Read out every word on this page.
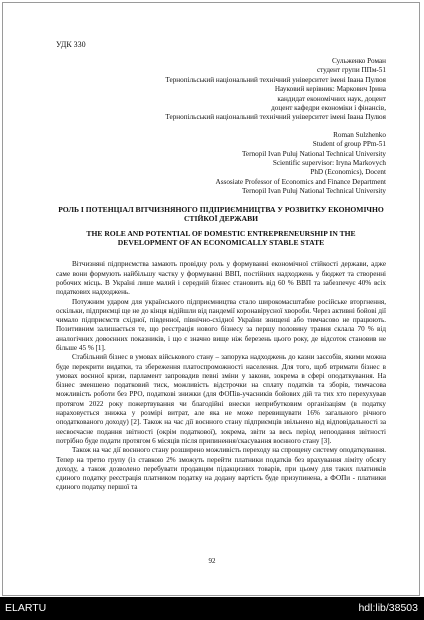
УДК 330
Сульженко Роман
студент групи ППм-51
Тернопільський національний технічний університет імені Івана Пулюя
Науковий керівник: Маркович Ірина
кандидат економічних наук, доцент
доцент кафедри економіки і фінансів,
Тернопільський національний технічний університет імені Івана Пулюя
Roman Sulzhenko
Student of group PPm-51
Ternopil Ivan Puluj National Technical University
Scientific supervisor: Iryna Markovych
PhD (Economics), Docent
Assosiate Professor of Economics and Finance Department
Ternopil Ivan Puluj National Technical University
РОЛЬ І ПОТЕНЦІАЛ ВІТЧИЗНЯНОГО ПІДПРИЄМНИЦТВА У РОЗВИТКУ ЕКОНОМІЧНО СТІЙКОЇ ДЕРЖАВИ
THE ROLE AND POTENTIAL OF DOMESTIC ENTREPRENEURSHIP IN THE DEVELOPMENT OF AN ECONOMICALLY STABLE STATE

Вітчизняні підприємства замають провідну роль у формуванні економічної стійкості держави, адже саме вони формують найбільшу частку у формуванні ВВП, постійних надходжень у бюджет та створенні робочих місць. В Україні лише малий і середній бізнес становить від 60 % ВВП та забезпечує 40% всіх податкових надходжень.

Потужним ударом для українського підприємництва стало широкомасштабне російське вторгнення, оскільки, підприємці ще не до кінця відійшли від пандемії коронавірусної хвороби. Через активні бойові дії чимало підприємств східної, південної, північно-східної України знищені або тимчасово не працюють. Позитивним залишається те, що реєстрація нового бізнесу за першу половину травня склала 70 % від аналогічних довоєнних показників, і що є значно вище ніж березень цього року, де відсоток становив не більше 45 % [1].

Стабільний бізнес в умовах військового стану – запорука надходжень до казни заєсобів, якими можна буде перекрити видатки, та збереження платоспроможності населення. Для того, щоб втримати бізнес в умовах воєнної кризи, парламент запровадив певні зміни у закони, зокрема в сфері оподаткування. На бізнес зменшено податковий тиск, можливість відстрочки на сплату податків та зборів, тимчасова можливість роботи без РРО, податкові знижки (для ФОПів-учасників бойових дій та тих хто перехухував протягом 2022 року пожертвування чи благодійні внески неприбутковим організаціям (в податку нараховується знижка у розмірі витрат, але яка не може перевищувати 16% загального річного оподаткованого доходу) [2]. Також на час дії воєнного стану підприємців звільнено від відповідальності за несвоєчасне подання звітності (окрім податкової), зокрема, звіти за весь період непоодання звітності потрібно буде подати протягом 6 місяців після припинення/скасування воєнного стану [3].

Також на час дії воєнного стану розширено можливість переходу на спрощену систему оподаткування. Тепер на третю групу (із ставкою 2% зможуть перейти платники податків без врахування ліміту обсягу доходу, а також дозволено перебувати продавцям підакцизних товарів, при цьому для таких платників єдиного податку реєстрація платником податку на додану вартість буде призупинена, а ФОПи - платники єдиного податку першої та

92
ELARTU	hdl:lib/38503
